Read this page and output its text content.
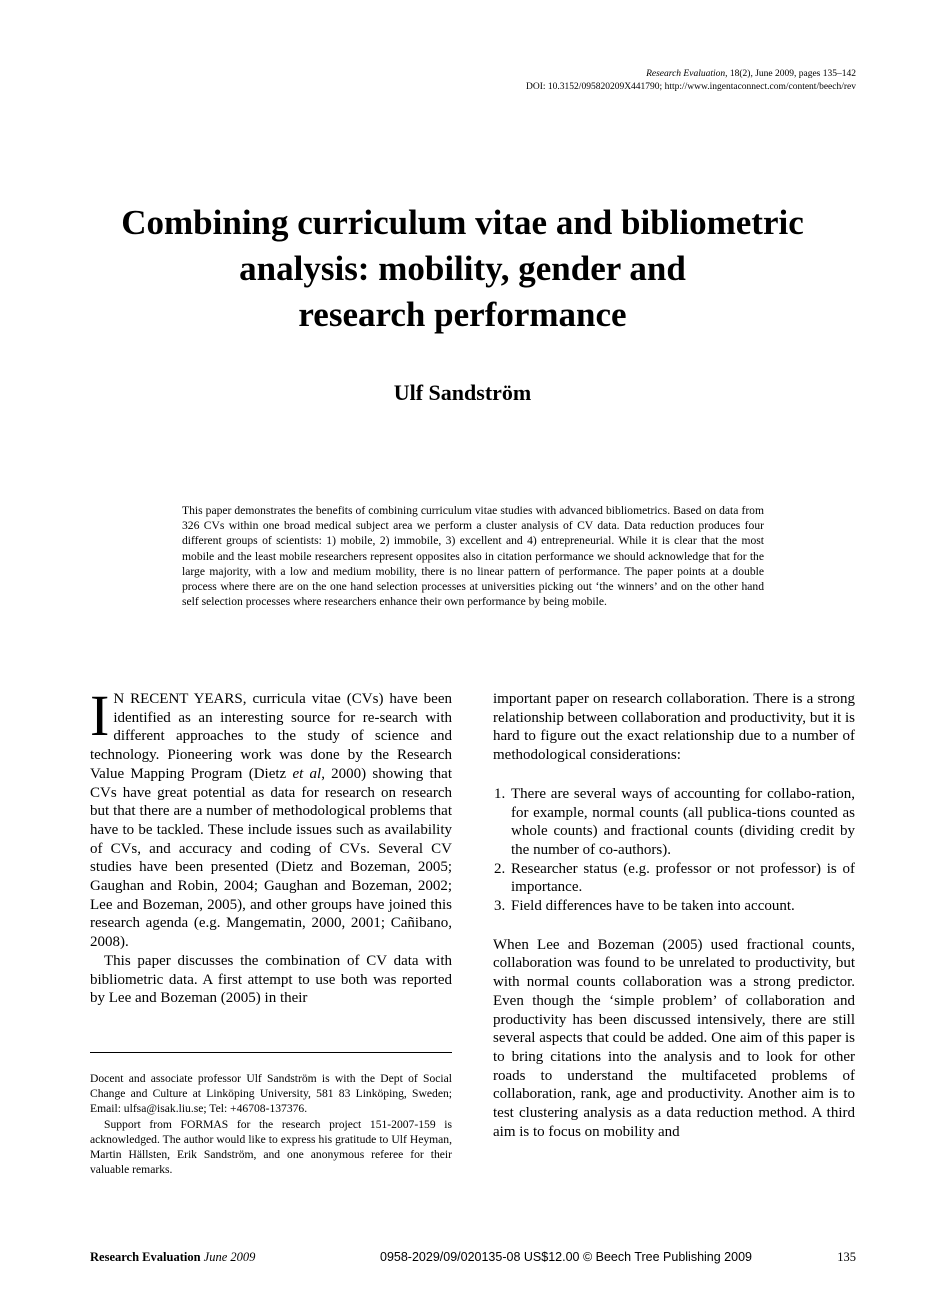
Research Evaluation, 18(2), June 2009, pages 135–142
DOI: 10.3152/095820209X441790; http://www.ingentaconnect.com/content/beech/rev
Combining curriculum vitae and bibliometric
analysis: mobility, gender and
research performance
Ulf Sandström
This paper demonstrates the benefits of combining curriculum vitae studies with advanced bibliometrics. Based on data from 326 CVs within one broad medical subject area we perform a cluster analysis of CV data. Data reduction produces four different groups of scientists: 1) mobile, 2) immobile, 3) excellent and 4) entrepreneurial. While it is clear that the most mobile and the least mobile researchers represent opposites also in citation performance we should acknowledge that for the large majority, with a low and medium mobility, there is no linear pattern of performance. The paper points at a double process where there are on the one hand selection processes at universities picking out ‘the winners’ and on the other hand self selection processes where researchers enhance their own performance by being mobile.

I N RECENT YEARS, curricula vitae (CVs) have been identified as an interesting source for re-search with different approaches to the study of science and technology. Pioneering work was done by the Research Value Mapping Program (Dietz et al, 2000) showing that CVs have great potential as data for research on research but that there are a number of methodological problems that have to be tackled. These include issues such as availability of CVs, and accuracy and coding of CVs. Several CV studies have been presented (Dietz and Bozeman, 2005; Gaughan and Robin, 2004; Gaughan and Bozeman, 2002; Lee and Bozeman, 2005), and other groups have joined this research agenda (e.g. Mangematin, 2000, 2001; Cañibano, 2008).

This paper discusses the combination of CV data with bibliometric data. A first attempt to use both was reported by Lee and Bozeman (2005) in their

Docent and associate professor Ulf Sandström is with the Dept of Social Change and Culture at Linköping University, 581 83 Linköping, Sweden; Email: ulfsa@isak.liu.se; Tel: +46708-137376.

Support from FORMAS for the research project 151-2007-159 is acknowledged. The author would like to express his gratitude to Ulf Heyman, Martin Hällsten, Erik Sandström, and one anonymous referee for their valuable remarks.

important paper on research collaboration. There is a strong relationship between collaboration and productivity, but it is hard to figure out the exact relationship due to a number of methodological considerations:

1. There are several ways of accounting for collabo-ration, for example, normal counts (all publica-tions counted as whole counts) and fractional counts (dividing credit by the number of co-authors).
2. Researcher status (e.g. professor or not professor) is of importance.
3. Field differences have to be taken into account.

When Lee and Bozeman (2005) used fractional counts, collaboration was found to be unrelated to productivity, but with normal counts collaboration was a strong predictor. Even though the ‘simple problem’ of collaboration and productivity has been discussed intensively, there are still several aspects that could be added. One aim of this paper is to bring citations into the analysis and to look for other roads to understand the multifaceted problems of collaboration, rank, age and productivity. Another aim is to test clustering analysis as a data reduction method. A third aim is to focus on mobility and

Research Evaluation June 2009	0958-2029/09/020135-08 US$12.00 © Beech Tree Publishing 2009	135
